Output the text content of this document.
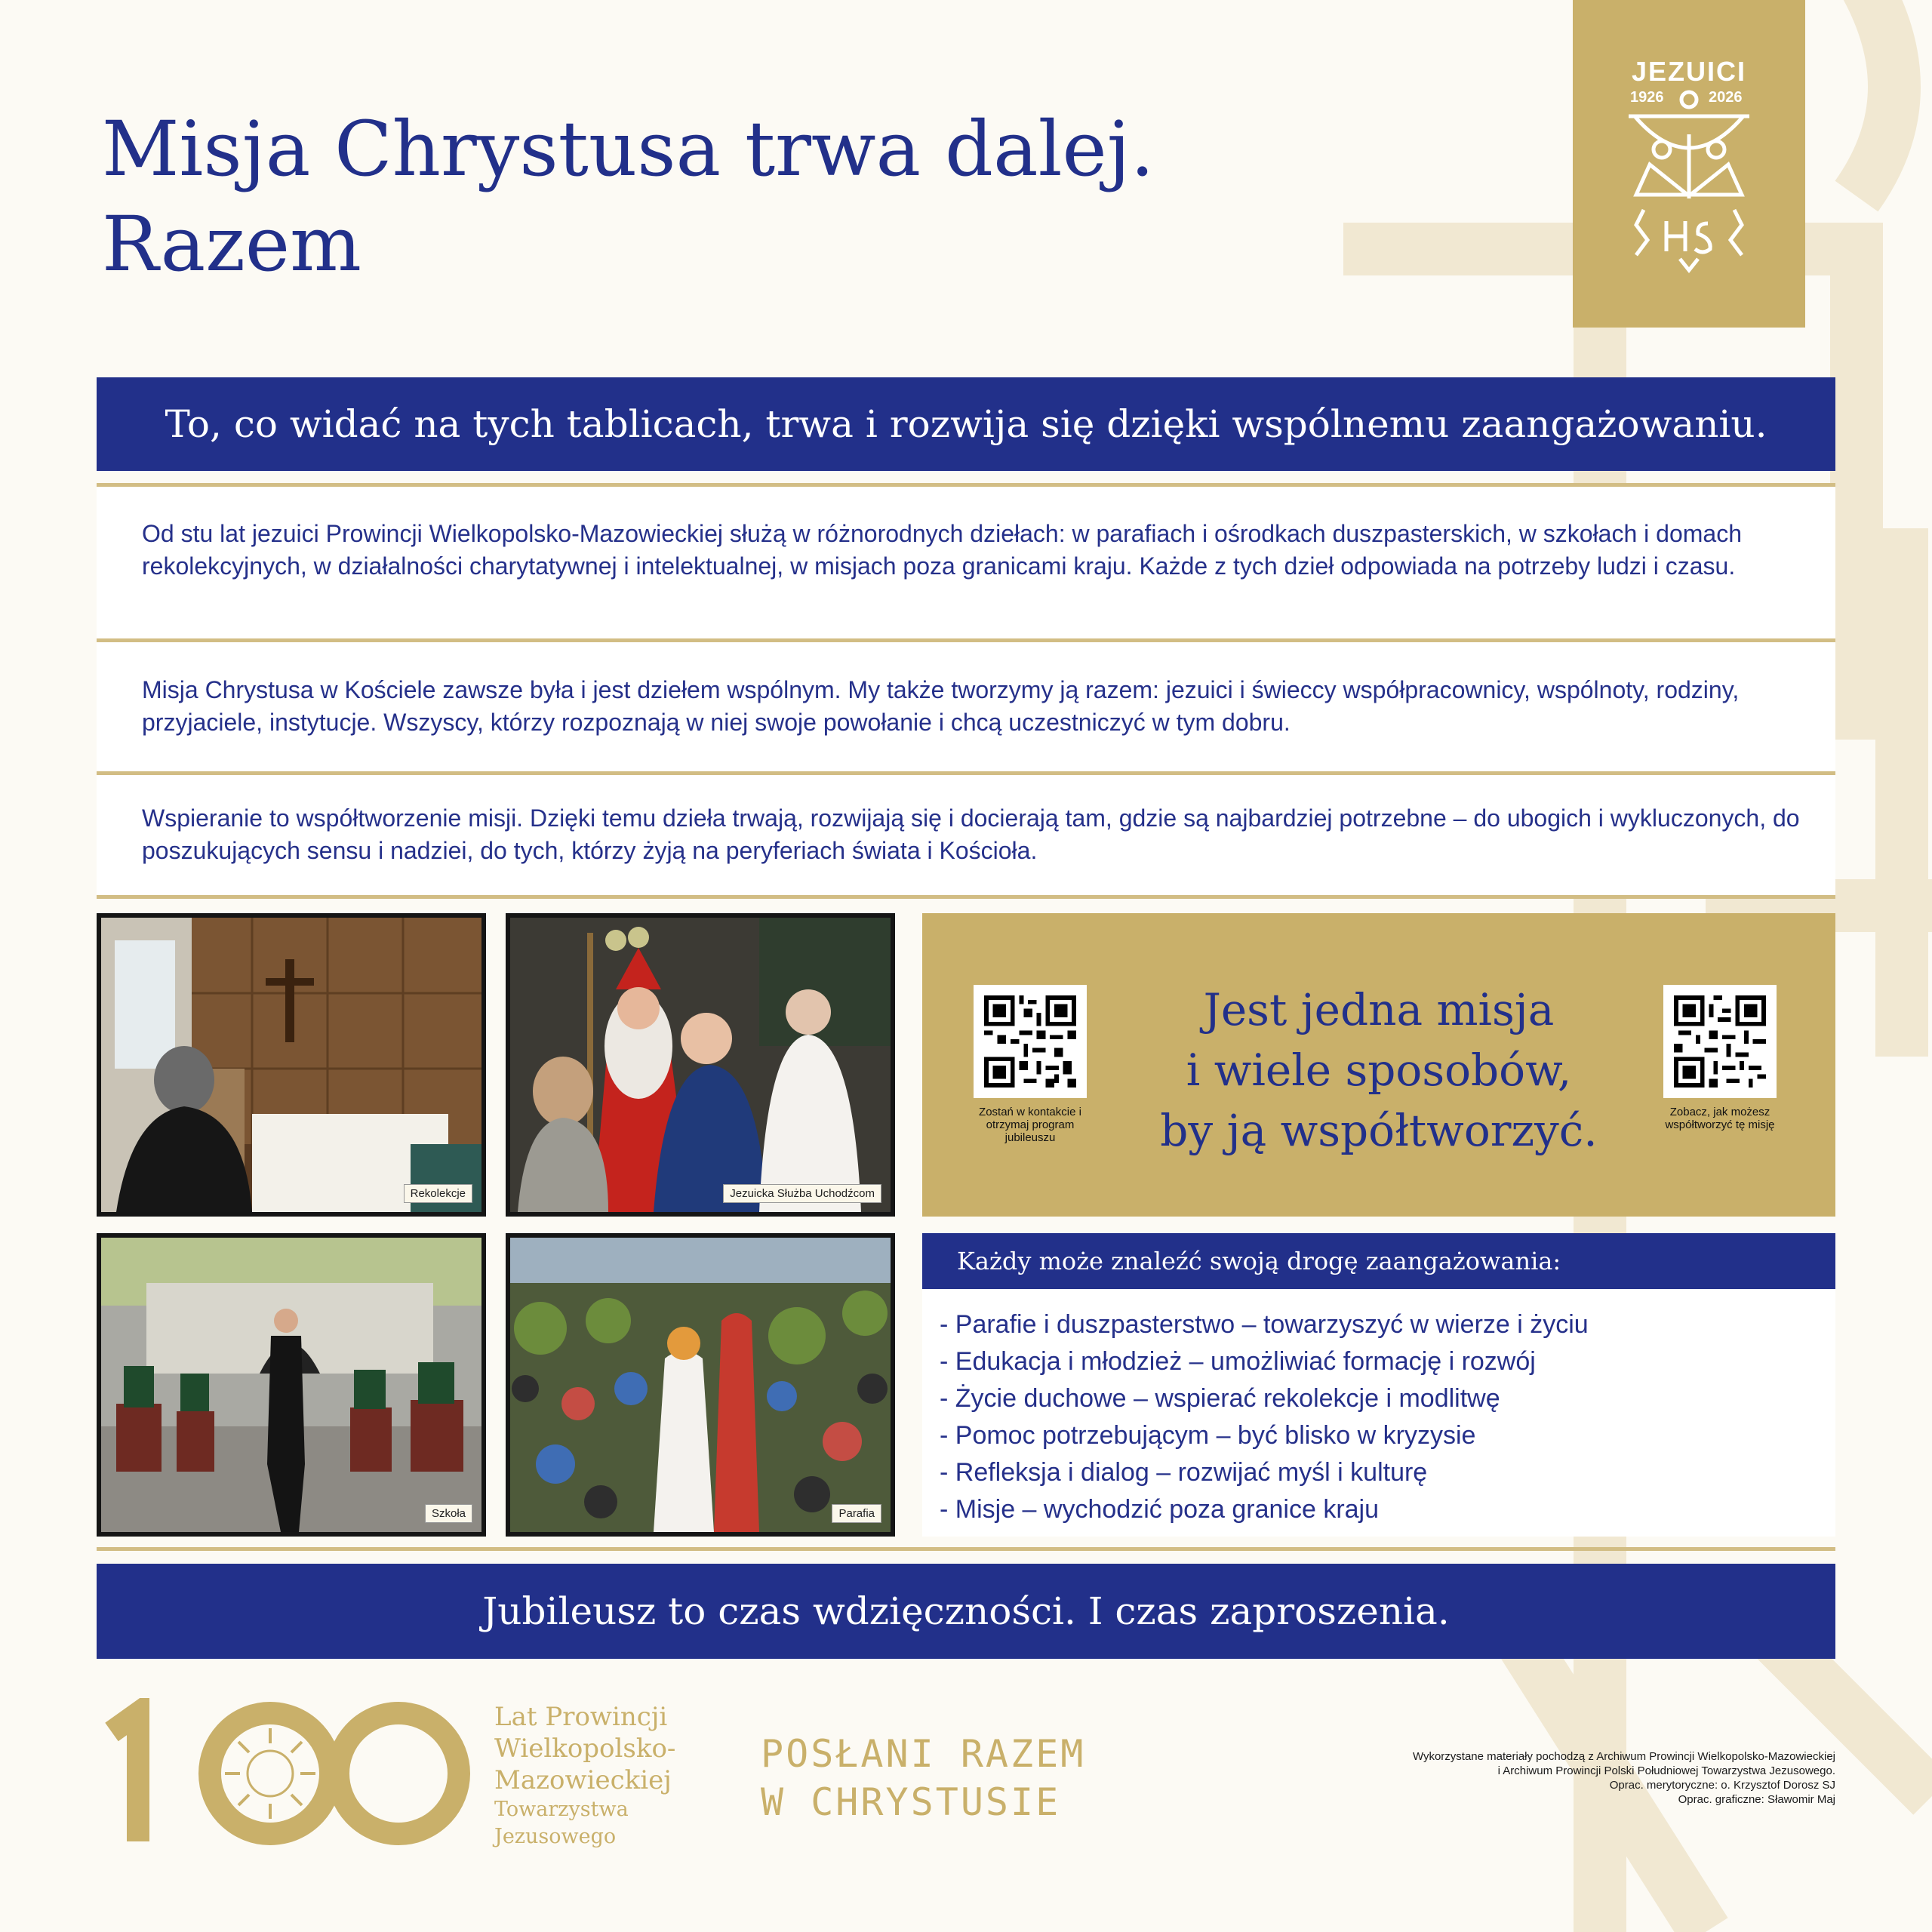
Misja Chrystusa trwa dalej.
Razem
JEZUICI
1926	2026
To, co widać na tych tablicach, trwa i rozwija się dzięki wspólnemu zaangażowaniu.
Od stu lat jezuici Prowincji Wielkopolsko-Mazowieckiej służą w różnorodnych dziełach: w parafiach i ośrodkach duszpasterskich, w szkołach i domach rekolekcyjnych, w działalności charytatywnej i intelektualnej, w misjach poza granicami kraju. Każde z tych dzieł odpowiada na potrzeby ludzi i czasu.
Misja Chrystusa w Kościele zawsze była i jest dziełem wspólnym. My także tworzymy ją razem: jezuici i świeccy współpracownicy, wspólnoty, rodziny, przyjaciele, instytucje. Wszyscy, którzy rozpoznają w niej swoje powołanie i chcą uczestniczyć w tym dobru.
Wspieranie to współtworzenie misji. Dzięki temu dzieła trwają, rozwijają się i docierają tam, gdzie są najbardziej potrzebne – do ubogich i wykluczonych, do poszukujących sensu i nadziei, do tych, którzy żyją na peryferiach świata i Kościoła.
Rekolekcje	Jezuicka Służba Uchodźcom
Szkoła	Parafia
Zostań w kontakcie i otrzymaj program jubileuszu
Jest jedna misja
i wiele sposobów,
by ją współtworzyć.	Zobacz, jak możesz współtworzyć tę misję
Każdy może znaleźć swoją drogę zaangażowania:
- Parafie i duszpasterstwo – towarzyszyć w wierze i życiu
- Edukacja i młodzież – umożliwiać formację i rozwój
- Życie duchowe – wspierać rekolekcje i modlitwę
- Pomoc potrzebującym – być blisko w kryzysie
- Refleksja i dialog – rozwijać myśl i kulturę
- Misje – wychodzić poza granice kraju
Jubileusz to czas wdzięczności. I czas zaproszenia.
Lat Prowincji
Wielkopolsko-
Mazowieckiej
Towarzystwa
Jezusowego
POSŁANI RAZEM
W CHRYSTUSIE
Wykorzystane materiały pochodzą z Archiwum Prowincji Wielkopolsko-Mazowieckiej
i Archiwum Prowincji Polski Południowej Towarzystwa Jezusowego.
Oprac. merytoryczne: o. Krzysztof Dorosz SJ
Oprac. graficzne: Sławomir Maj
